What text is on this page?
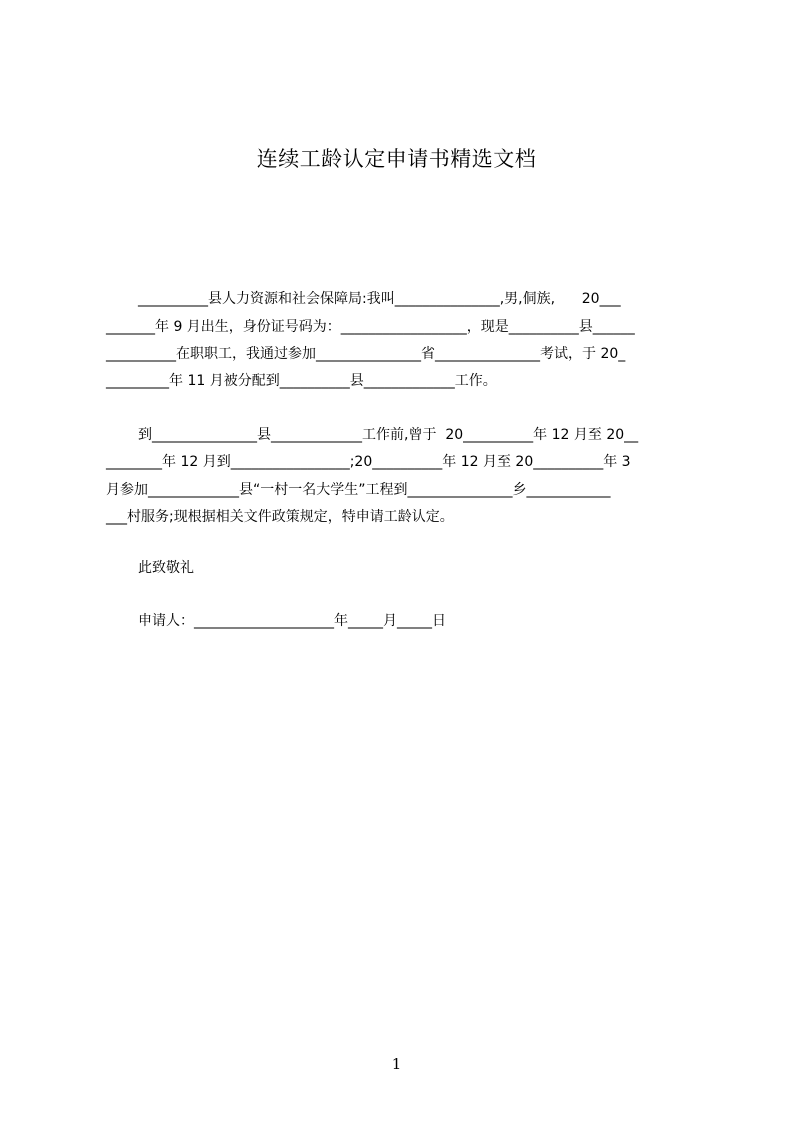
连续工龄认定申请书精选文档
__________县人力资源和社会保障局:我叫_______________,男,侗族,      20___
_______年 9 月出生，身份证号码为：__________________，现是__________县______
__________在职职工，我通过参加_______________省_______________考试，于 20_
_________年 11 月被分配到__________县_____________工作。
到_______________县_____________工作前,曾于  20__________年 12 月至 20__
________年 12 月到_________________;20__________年 12 月至 20__________年 3
月参加_____________县“一村一名大学生”工程到_______________乡____________
___村服务;现根据相关文件政策规定，特申请工龄认定。
此致敬礼
申请人：____________________年_____月_____日
1
